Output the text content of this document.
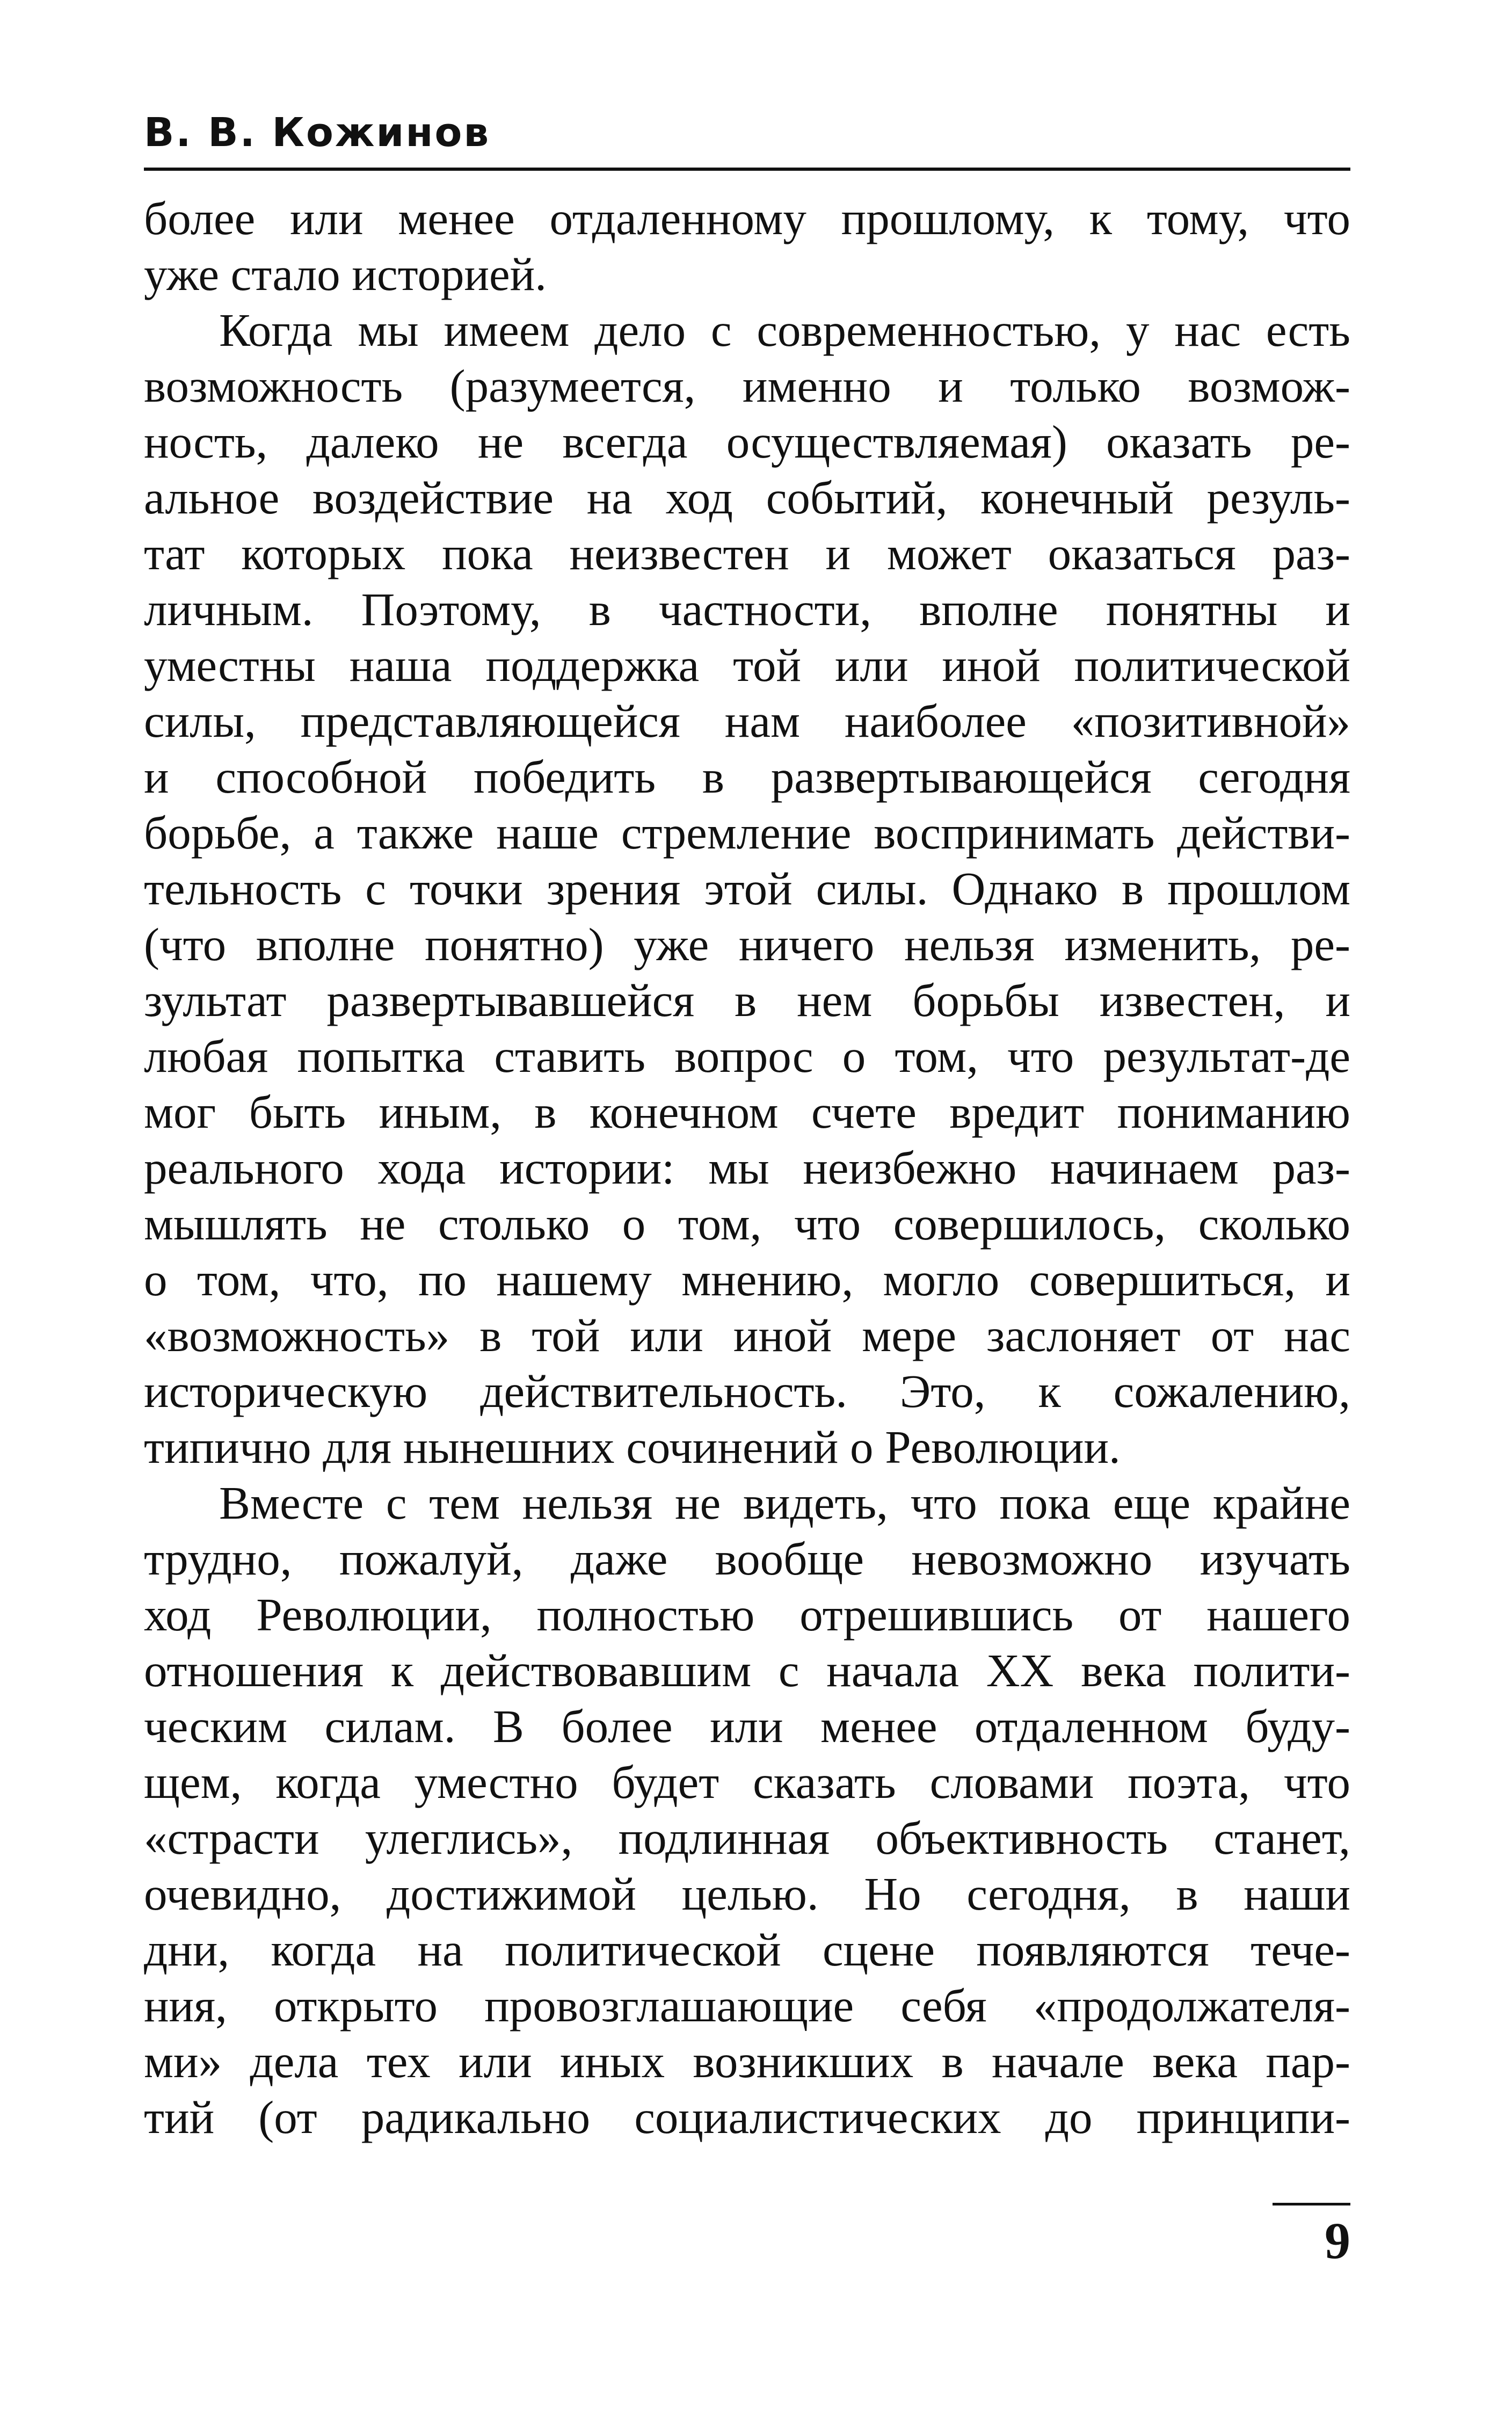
В. В. Кожинов

более или менее отдаленному прошлому, к тому, что
уже стало историей.

Когда мы имеем дело с современностью, у нас есть
возможность (разумеется, именно и только возмож-
ность, далеко не всегда осуществляемая) оказать ре-
альное воздействие на ход событий, конечный резуль-
тат которых пока неизвестен и может оказаться раз-
личным. Поэтому, в частности, вполне понятны и
уместны наша поддержка той или иной политической
силы, представляющейся нам наиболее «позитивной»
и способной победить в развертывающейся сегодня
борьбе, а также наше стремление воспринимать действи-
тельность с точки зрения этой силы. Однако в прошлом
(что вполне понятно) уже ничего нельзя изменить, ре-
зультат развертывавшейся в нем борьбы известен, и
любая попытка ставить вопрос о том, что результат-де
мог быть иным, в конечном счете вредит пониманию
реального хода истории: мы неизбежно начинаем раз-
мышлять не столько о том, что совершилось, сколько
о том, что, по нашему мнению, могло совершиться, и
«возможность» в той или иной мере заслоняет от нас
историческую действительность. Это, к сожалению,
типично для нынешних сочинений о Революции.

Вместе с тем нельзя не видеть, что пока еще крайне
трудно, пожалуй, даже вообще невозможно изучать
ход Революции, полностью отрешившись от нашего
отношения к действовавшим с начала XX века полити-
ческим силам. В более или менее отдаленном буду-
щем, когда уместно будет сказать словами поэта, что
«страсти улеглись», подлинная объективность станет,
очевидно, достижимой целью. Но сегодня, в наши
дни, когда на политической сцене появляются тече-
ния, открыто провозглашающие себя «продолжателя-
ми» дела тех или иных возникших в начале века пар-
тий (от радикально социалистических до принципи-

9
